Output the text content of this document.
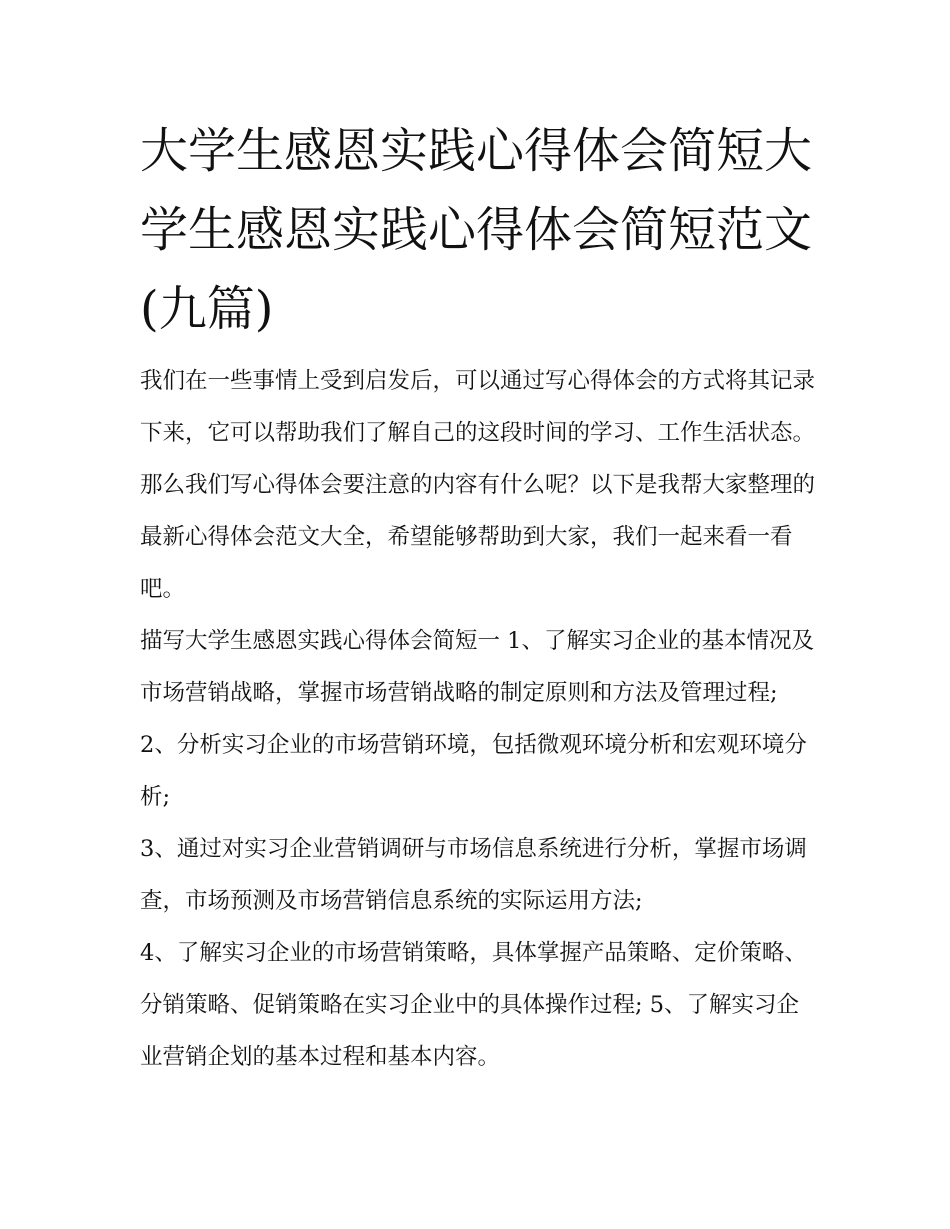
大学生感恩实践心得体会简短大学生感恩实践心得体会简短范文(九篇)

我们在一些事情上受到启发后，可以通过写心得体会的方式将其记录下来，它可以帮助我们了解自己的这段时间的学习、工作生活状态。那么我们写心得体会要注意的内容有什么呢？以下是我帮大家整理的最新心得体会范文大全，希望能够帮助到大家，我们一起来看一看吧。

描写大学生感恩实践心得体会简短一 1、了解实习企业的基本情况及市场营销战略，掌握市场营销战略的制定原则和方法及管理过程;

2、分析实习企业的市场营销环境，包括微观环境分析和宏观环境分析;

3、通过对实习企业营销调研与市场信息系统进行分析，掌握市场调查，市场预测及市场营销信息系统的实际运用方法;

4、了解实习企业的市场营销策略，具体掌握产品策略、定价策略、分销策略、促销策略在实习企业中的具体操作过程; 5、了解实习企业营销企划的基本过程和基本内容。
